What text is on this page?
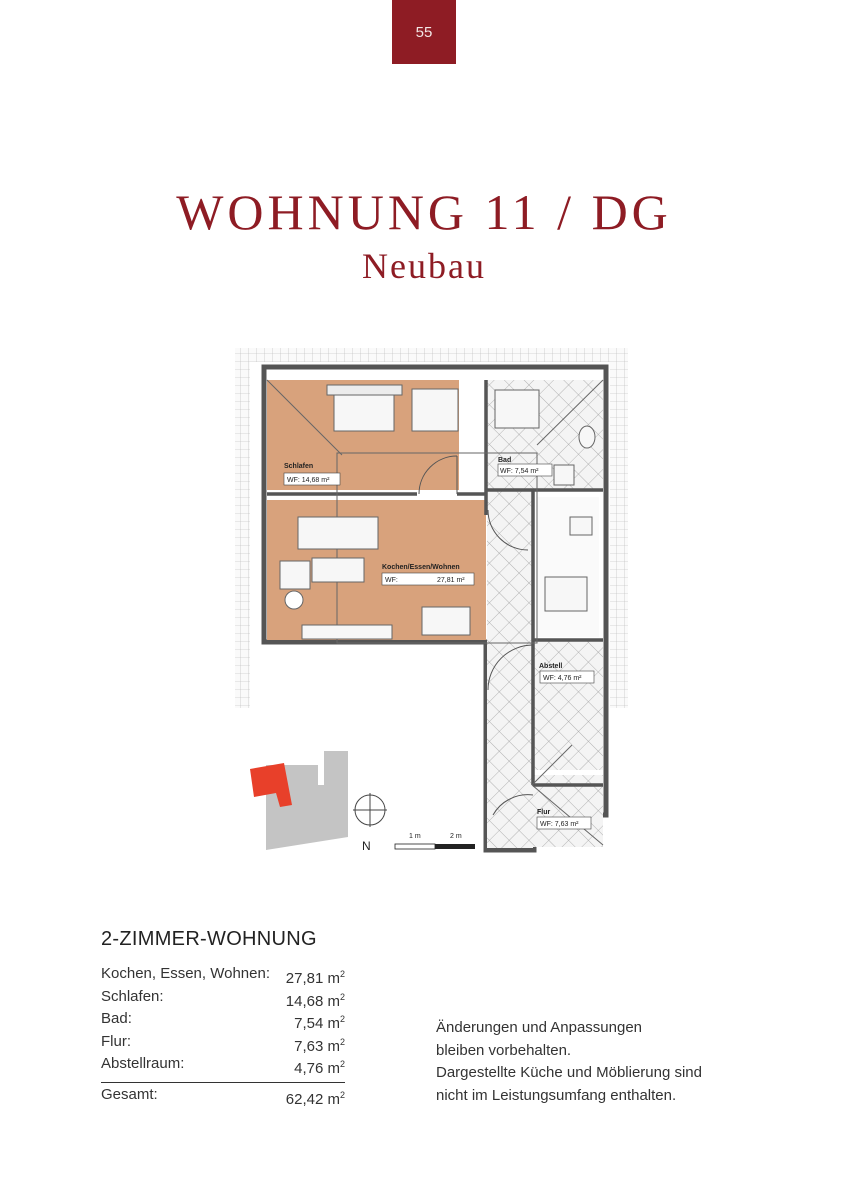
55
WOHNUNG 11 / DG
Neubau
Schlafen
WF: 14,68 m²
Kochen/Essen/Wohnen
WF:	27,81 m²
Bad
WF: 7,54 m²
Abstell
WF: 4,76 m²
Flur
WF: 7,63 m²
N
1 m	2 m
2-ZIMMER-WOHNUNG
Kochen, Essen, Wohnen: 27,81 $m^2$
Schlafen:	14,68 $m^2$
Bad:	7,54 $m^2$
Flur:	7,63 $m^2$
Abstellraum:	4,76 $m^2$
Gesamt:	62,42 $m^2$
Änderungen und Anpassungen
bleiben vorbehalten.
Dargestellte Küche und Möblierung sind
nicht im Leistungsumfang enthalten.
